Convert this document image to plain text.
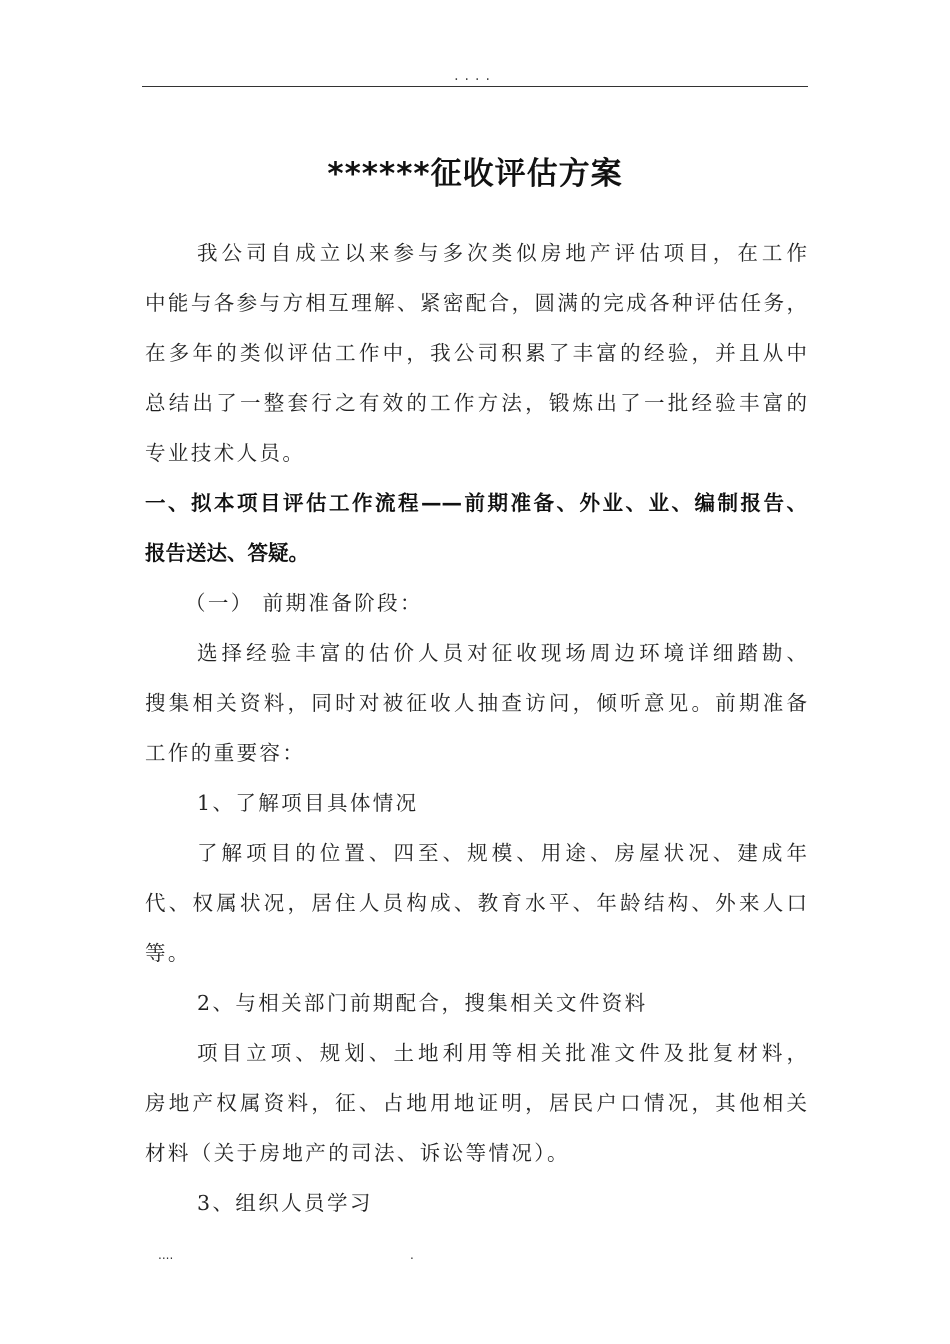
....
******征收评估方案
我公司自成立以来参与多次类似房地产评估项目，在工作
中能与各参与方相互理解、紧密配合，圆满的完成各种评估任务，
在多年的类似评估工作中，我公司积累了丰富的经验，并且从中
总结出了一整套行之有效的工作方法，锻炼出了一批经验丰富的
专业技术人员。
一、拟本项目评估工作流程——前期准备、外业、业、编制报告、
报告送达、答疑。
（一） 前期准备阶段：
选择经验丰富的估价人员对征收现场周边环境详细踏勘、
搜集相关资料，同时对被征收人抽查访问，倾听意见。前期准备
工作的重要容：
1、了解项目具体情况
了解项目的位置、四至、规模、用途、房屋状况、建成年
代、权属状况，居住人员构成、教育水平、年龄结构、外来人口
等。
2、与相关部门前期配合，搜集相关文件资料
项目立项、规划、土地利用等相关批准文件及批复材料，
房地产权属资料，征、占地用地证明，居民户口情况，其他相关
材料（关于房地产的司法、诉讼等情况）。
3、组织人员学习
....	.
